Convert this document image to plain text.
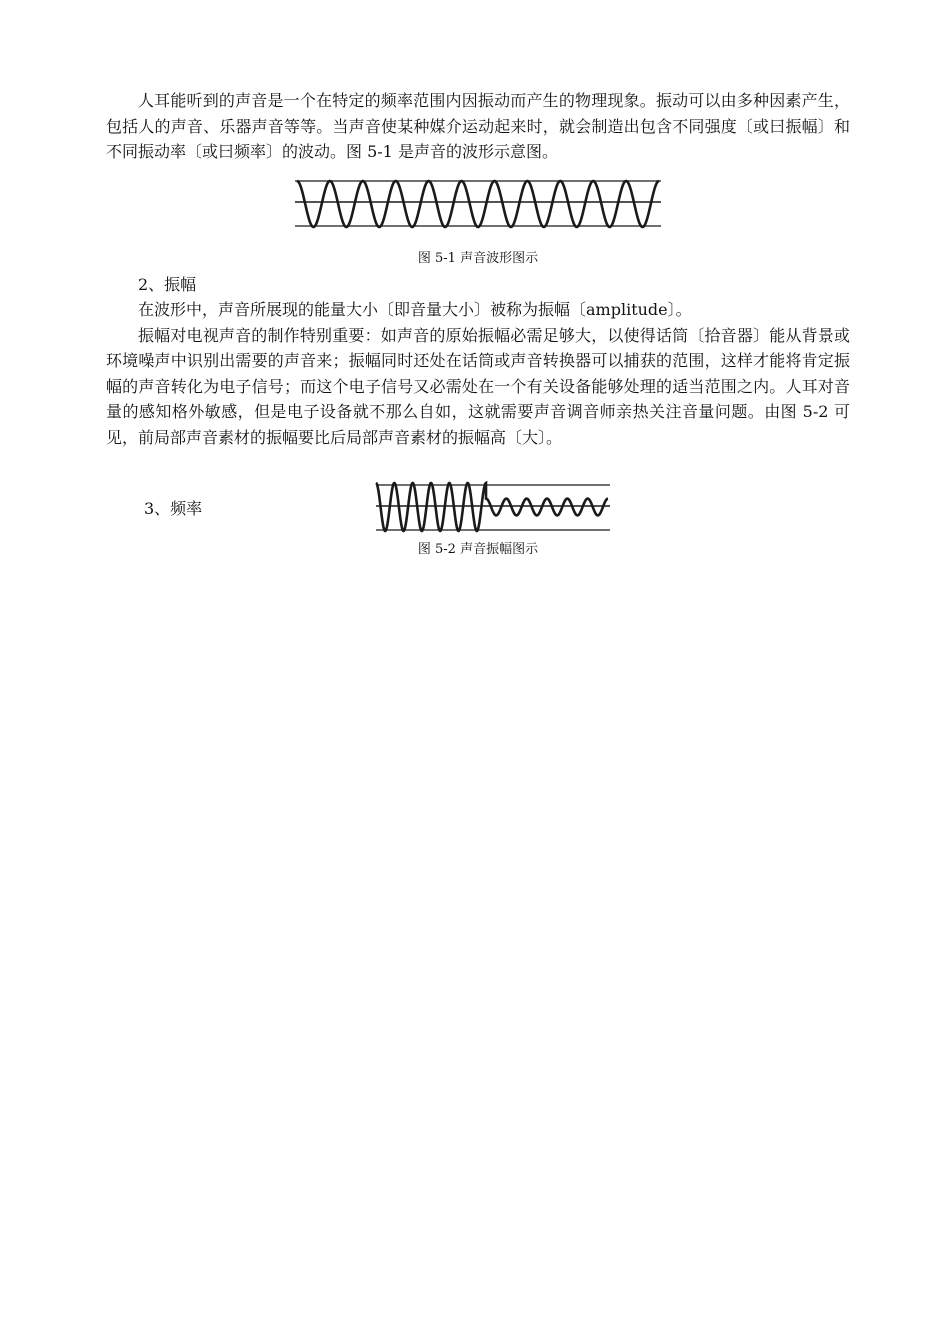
人耳能听到的声音是一个在特定的频率范围内因振动而产生的物理现象。振动可以由多种因素产生，包括人的声音、乐器声音等等。当声音使某种媒介运动起来时，就会制造出包含不同强度〔或曰振幅〕和不同振动率〔或曰频率〕的波动。图 5-1 是声音的波形示意图。

图 5-1 声音波形图示

2、振幅

在波形中，声音所展现的能量大小〔即音量大小〕被称为振幅〔amplitude〕。

振幅对电视声音的制作特别重要：如声音的原始振幅必需足够大，以使得话筒〔拾音器〕能从背景或环境噪声中识别出需要的声音来；振幅同时还处在话筒或声音转换器可以捕获的范围，这样才能将肯定振幅的声音转化为电子信号；而这个电子信号又必需处在一个有关设备能够处理的适当范围之内。人耳对音量的感知格外敏感，但是电子设备就不那么自如，这就需要声音调音师亲热关注音量问题。由图 5-2 可见，前局部声音素材的振幅要比后局部声音素材的振幅高〔大〕。

3、频率
图 5-2 声音振幅图示
